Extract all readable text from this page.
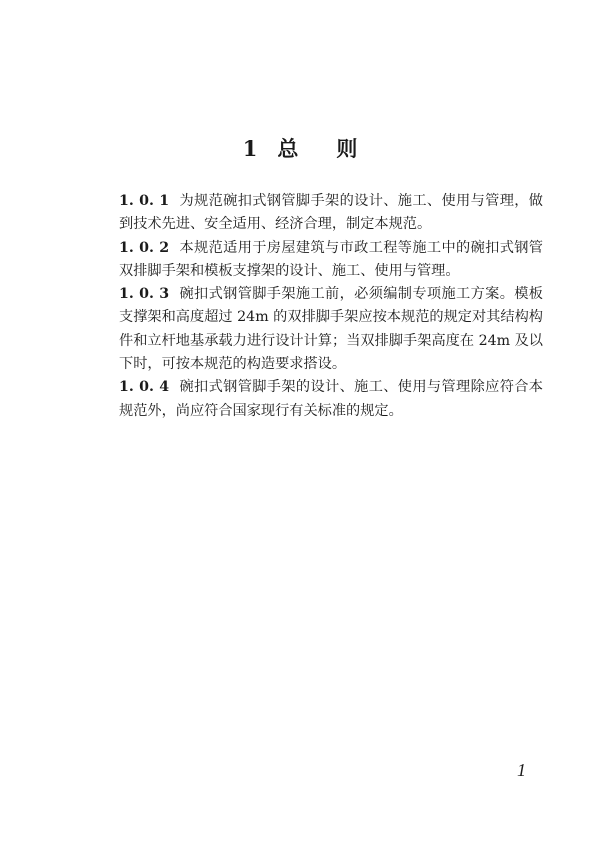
1 总 则

1. 0. 1 为规范碗扣式钢管脚手架的设计、施工、使用与管理，做到技术先进、安全适用、经济合理，制定本规范。

1. 0. 2 本规范适用于房屋建筑与市政工程等施工中的碗扣式钢管双排脚手架和模板支撑架的设计、施工、使用与管理。

1. 0. 3 碗扣式钢管脚手架施工前，必须编制专项施工方案。模板支撑架和高度超过 24m 的双排脚手架应按本规范的规定对其结构构件和立杆地基承载力进行设计计算；当双排脚手架高度在 24m 及以下时，可按本规范的构造要求搭设。

1. 0. 4 碗扣式钢管脚手架的设计、施工、使用与管理除应符合本规范外，尚应符合国家现行有关标准的规定。

1
